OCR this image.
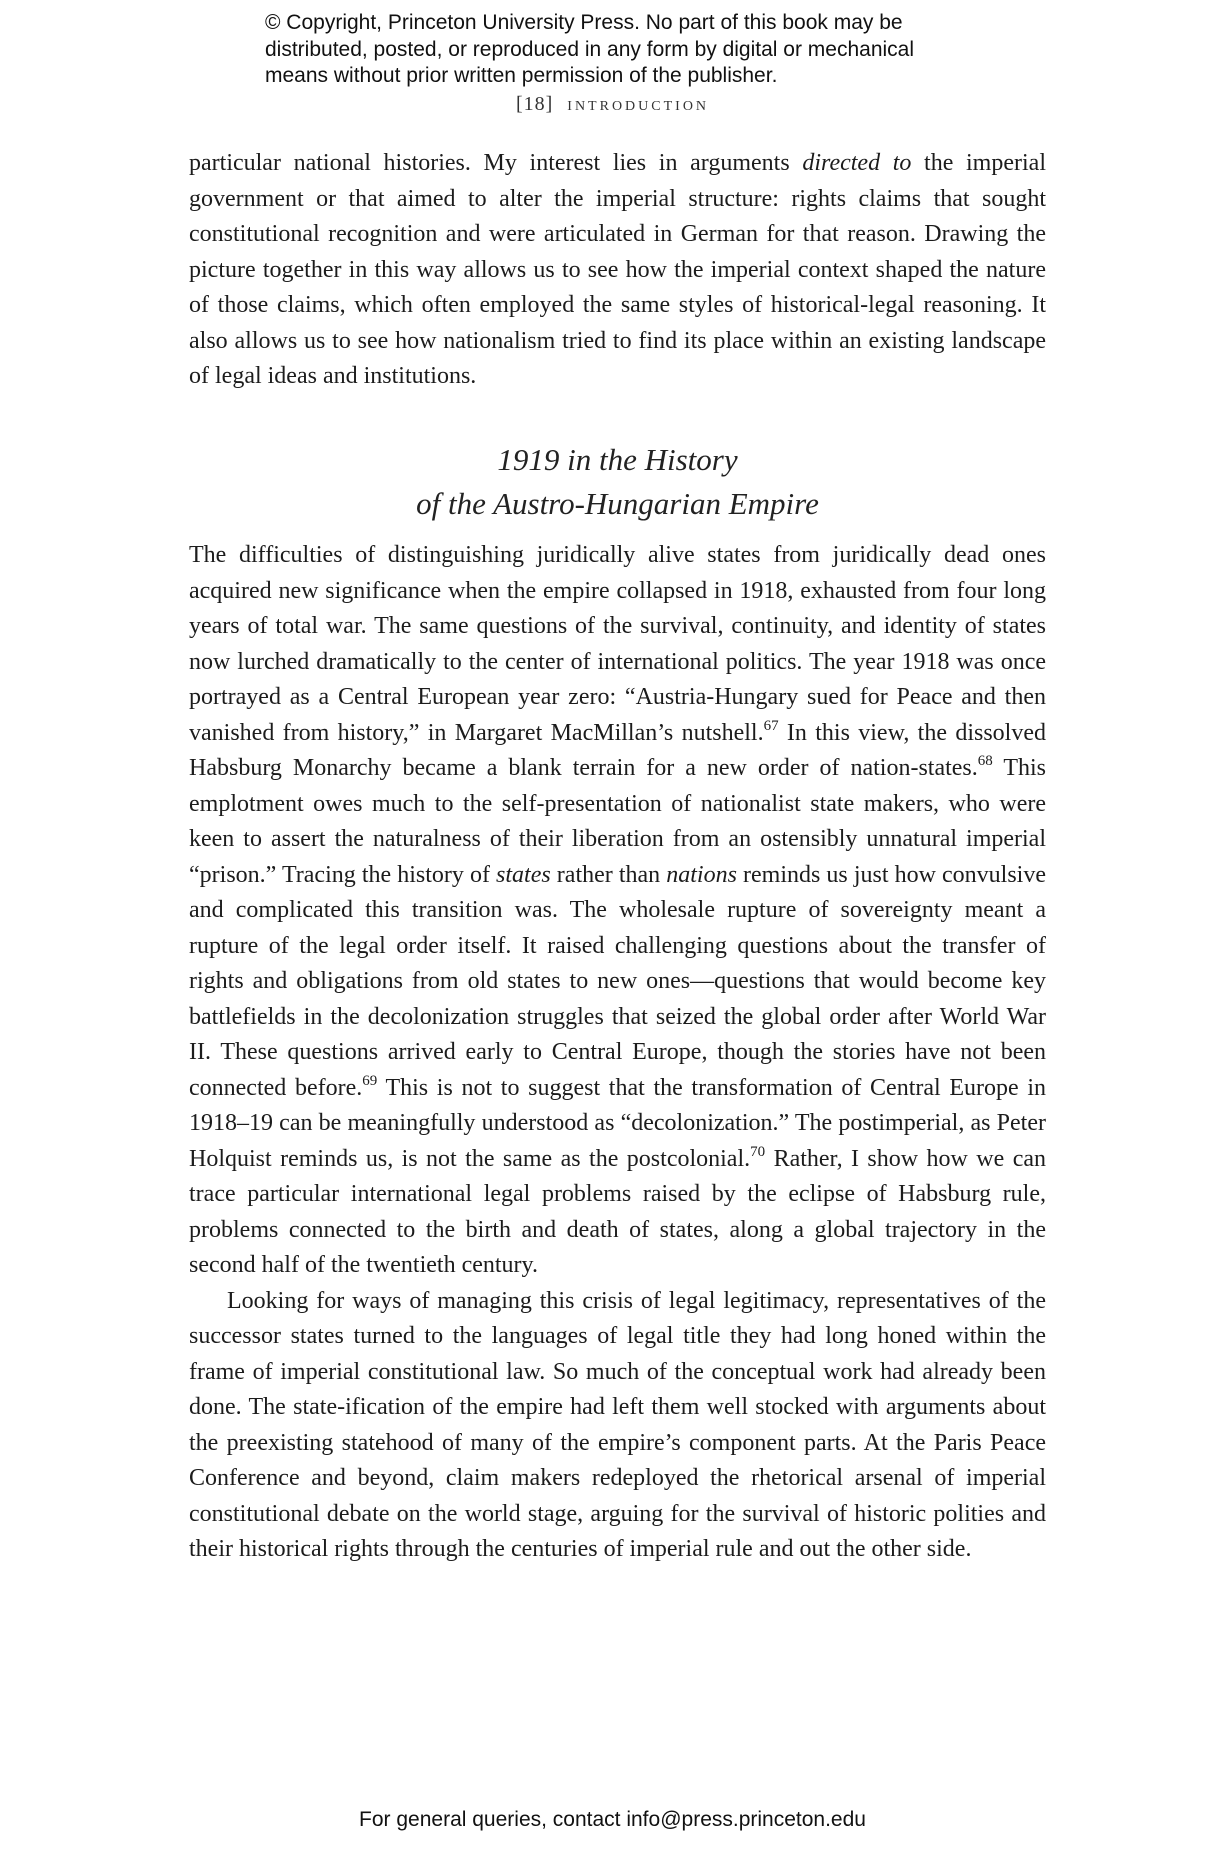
© Copyright, Princeton University Press. No part of this book may be
distributed, posted, or reproduced in any form by digital or mechanical
means without prior written permission of the publisher.
[18] introduction

particular national histories. My interest lies in arguments directed to the imperial government or that aimed to alter the imperial structure: rights claims that sought constitutional recognition and were articulated in German for that reason. Drawing the picture together in this way allows us to see how the imperial context shaped the nature of those claims, which often employed the same styles of historical-legal reasoning. It also allows us to see how nationalism tried to find its place within an existing landscape of legal ideas and institutions.

1919 in the History
of the Austro-Hungarian Empire

The difficulties of distinguishing juridically alive states from juridically dead ones acquired new significance when the empire collapsed in 1918, exhausted from four long years of total war. The same questions of the survival, continuity, and identity of states now lurched dramatically to the center of international politics. The year 1918 was once portrayed as a Central European year zero: “Austria-Hungary sued for Peace and then vanished from history,” in Margaret MacMillan’s nutshell.$^{67}$ In this view, the dissolved Habsburg Monarchy became a blank terrain for a new order of nation-states.$^{68}$ This emplotment owes much to the self-presentation of nationalist state makers, who were keen to assert the naturalness of their liberation from an ostensibly unnatural imperial “prison.” Tracing the history of states rather than nations reminds us just how convulsive and complicated this transition was. The wholesale rupture of sovereignty meant a rupture of the legal order itself. It raised challenging questions about the transfer of rights and obligations from old states to new ones—questions that would become key battlefields in the decolonization struggles that seized the global order after World War II. These questions arrived early to Central Europe, though the stories have not been connected before.$^{69}$ This is not to suggest that the transformation of Central Europe in 1918–19 can be meaningfully understood as “decolonization.” The postimperial, as Peter Holquist reminds us, is not the same as the postcolonial.$^{70}$ Rather, I show how we can trace particular international legal problems raised by the eclipse of Habsburg rule, problems connected to the birth and death of states, along a global trajectory in the second half of the twentieth century.

Looking for ways of managing this crisis of legal legitimacy, representatives of the successor states turned to the languages of legal title they had long honed within the frame of imperial constitutional law. So much of the conceptual work had already been done. The state-ification of the empire had left them well stocked with arguments about the preexisting statehood of many of the empire’s component parts. At the Paris Peace Conference and beyond, claim makers redeployed the rhetorical arsenal of imperial constitutional debate on the world stage, arguing for the survival of historic polities and their historical rights through the centuries of imperial rule and out the other side.

For general queries, contact info@press.princeton.edu
